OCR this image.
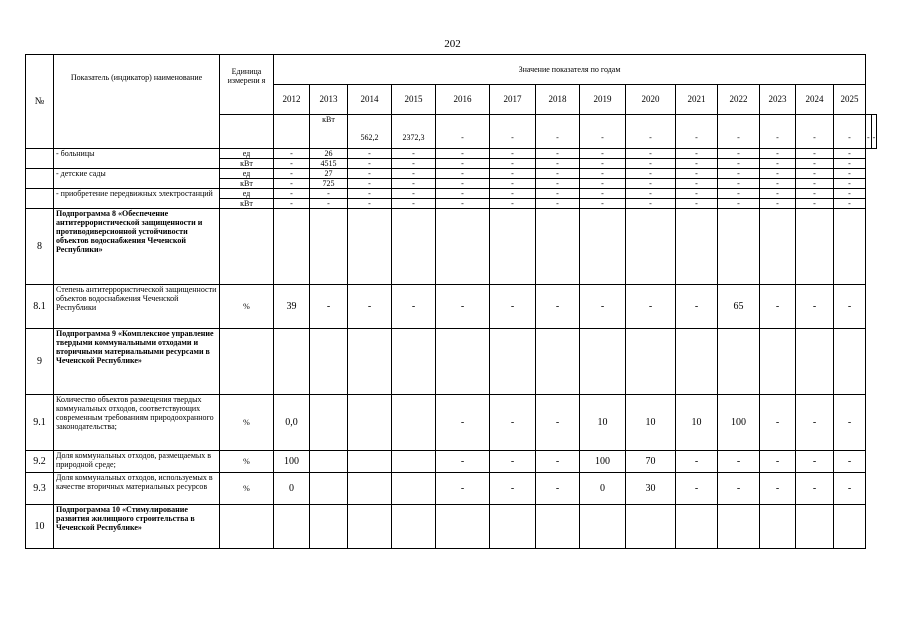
202
№	Показатель (индикатор) наименование	Единица измерени я	Значение показателя по годам															
			2012	2013	2014	2015	2016	2017	2018	2019	2020	2021	2022	2023	2024	2025		
				кВт	562,2	2372,3	-	-	-	-	-	-	-	-	-	-	-	-
	- больницы	ед	-	26	-	-	-	-	-	-	-	-	-	-	-	-		
		кВт	-	4515	-	-	-	-	-	-	-	-	-	-	-	-		
	- детские сады	ед	-	27	-	-	-	-	-	-	-	-	-	-	-	-		
		кВт	-	725	-	-	-	-	-	-	-	-	-	-	-	-		
	- приобретение передвижных электростанций	ед	-	-	-	-	-	-	-	-	-	-	-	-	-	-		
		кВт	-	-	-	-	-	-	-	-	-	-	-	-	-	-		
8	Подпрограмма 8 «Обеспечение антитеррористической защищенности и противодиверсионной устойчивости объектов водоснабжения Чеченской Республики»																	
8.1	Степень антитеррористической защищенности объектов водоснабжения Чеченской Республики	%	39	-	-	-	-	-	-	-	-	-	65	-	-	-		
9	Подпрограмма 9 «Комплексное управление твердыми коммунальными отходами и вторичными материальными ресурсами в Чеченской Республике»																	
9.1	Количество объектов размещения твердых коммунальных отходов, соответствующих современным требованиям природоохранного законодательства;	%	0,0				-	-	-	10	10	10	100	-	-	-		
9.2	Доля коммунальных отходов, размещаемых в природной среде;	%	100				-	-	-	100	70	-	-	-	-	-		
9.3	Доля коммунальных отходов, используемых в качестве вторичных материальных ресурсов	%	0				-	-	-	0	30	-	-	-	-	-		
10	Подпрограмма 10 «Стимулирование развития жилищного строительства в Чеченской Республике»																	
